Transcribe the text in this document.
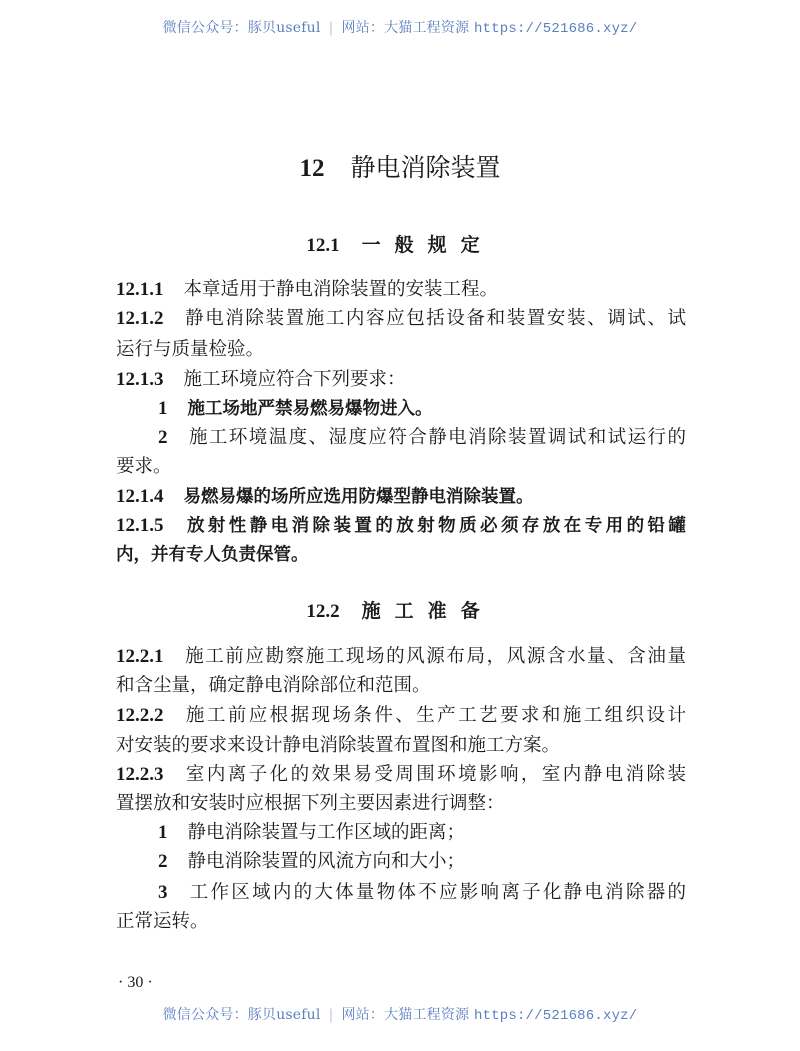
微信公众号：豚贝useful | 网站：大猫工程资源 https://521686.xyz/
12 静电消除装置
12.1 一般规定
12.2 施工准备
12.1.1 本章适用于静电消除装置的安装工程。
12.1.2 静电消除装置施工内容应包括设备和装置安装、调试、试
运行与质量检验。
12.1.3 施工环境应符合下列要求：
1 施工场地严禁易燃易爆物进入。
2 施工环境温度、湿度应符合静电消除装置调试和试运行的
要求。
12.1.4 易燃易爆的场所应选用防爆型静电消除装置。
12.1.5 放射性静电消除装置的放射物质必须存放在专用的铅罐
内，并有专人负责保管。
12.2.1 施工前应勘察施工现场的风源布局，风源含水量、含油量
和含尘量，确定静电消除部位和范围。
12.2.2 施工前应根据现场条件、生产工艺要求和施工组织设计
对安装的要求来设计静电消除装置布置图和施工方案。
12.2.3 室内离子化的效果易受周围环境影响，室内静电消除装
置摆放和安装时应根据下列主要因素进行调整：
1 静电消除装置与工作区域的距离；
2 静电消除装置的风流方向和大小；
3 工作区域内的大体量物体不应影响离子化静电消除器的
正常运转。
· 30 ·
微信公众号：豚贝useful | 网站：大猫工程资源 https://521686.xyz/
